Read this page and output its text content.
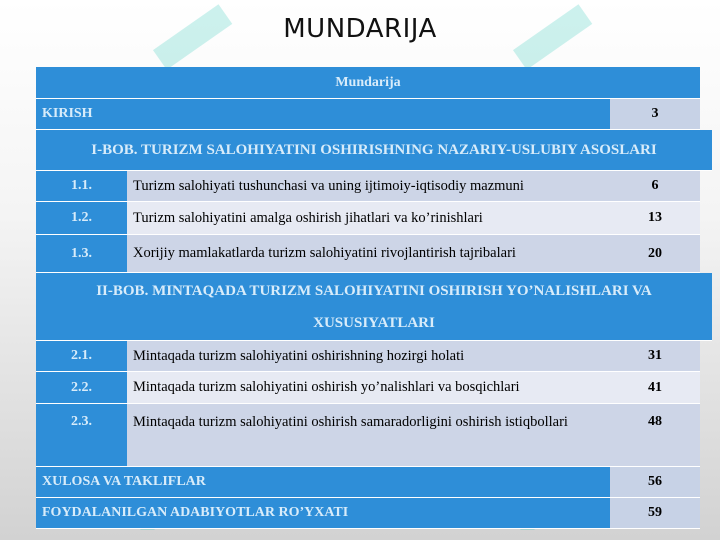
MUNDARIJA
Mundarija
KIRISH	3
I-BOB. TURIZM SALOHIYATINI OSHIRISHNING NAZARIY-USLUBIY ASOSLARI
1.1.	Turizm salohiyati tushunchasi va uning ijtimoiy-iqtisodiy mazmuni	6
1.2.	Turizm salohiyatini amalga oshirish jihatlari va ko’rinishlari	13
1.3.	Xorijiy mamlakatlarda turizm salohiyatini rivojlantirish tajribalari	20
II-BOB. MINTAQADA TURIZM SALOHIYATINI OSHIRISH YO’NALISHLARI VA XUSUSIYATLARI
2.1.	Mintaqada turizm salohiyatini oshirishning hozirgi holati	31
2.2.	Mintaqada turizm salohiyatini oshirish yo’nalishlari va bosqichlari	41
2.3.	Mintaqada turizm salohiyatini oshirish samaradorligini oshirish istiqbollari	48
XULOSA VA TAKLIFLAR	56
FOYDALANILGAN ADABIYOTLAR RO’YXATI	59
